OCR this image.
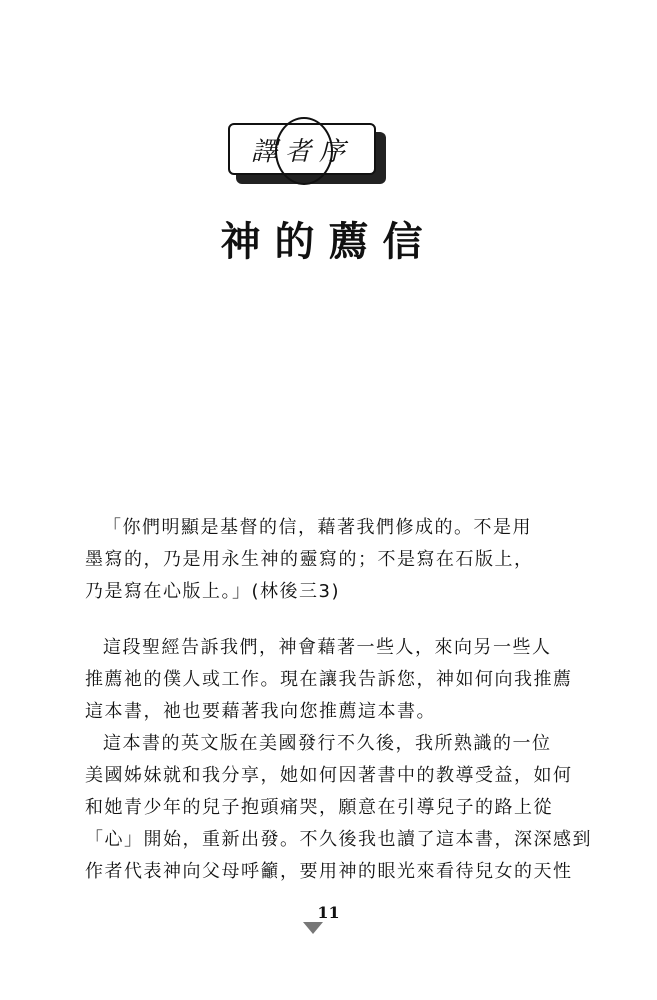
譯者序
神的薦信
「你們明顯是基督的信，藉著我們修成的。不是用
墨寫的，乃是用永生神的靈寫的；不是寫在石版上，
乃是寫在心版上。」(林後三3)
這段聖經告訴我們，神會藉著一些人，來向另一些人
推薦祂的僕人或工作。現在讓我告訴您，神如何向我推薦
這本書，祂也要藉著我向您推薦這本書。
這本書的英文版在美國發行不久後，我所熟識的一位
美國姊妹就和我分享，她如何因著書中的教導受益，如何
和她青少年的兒子抱頭痛哭，願意在引導兒子的路上從
「心」開始，重新出發。不久後我也讀了這本書，深深感到
作者代表神向父母呼籲，要用神的眼光來看待兒女的天性
11
